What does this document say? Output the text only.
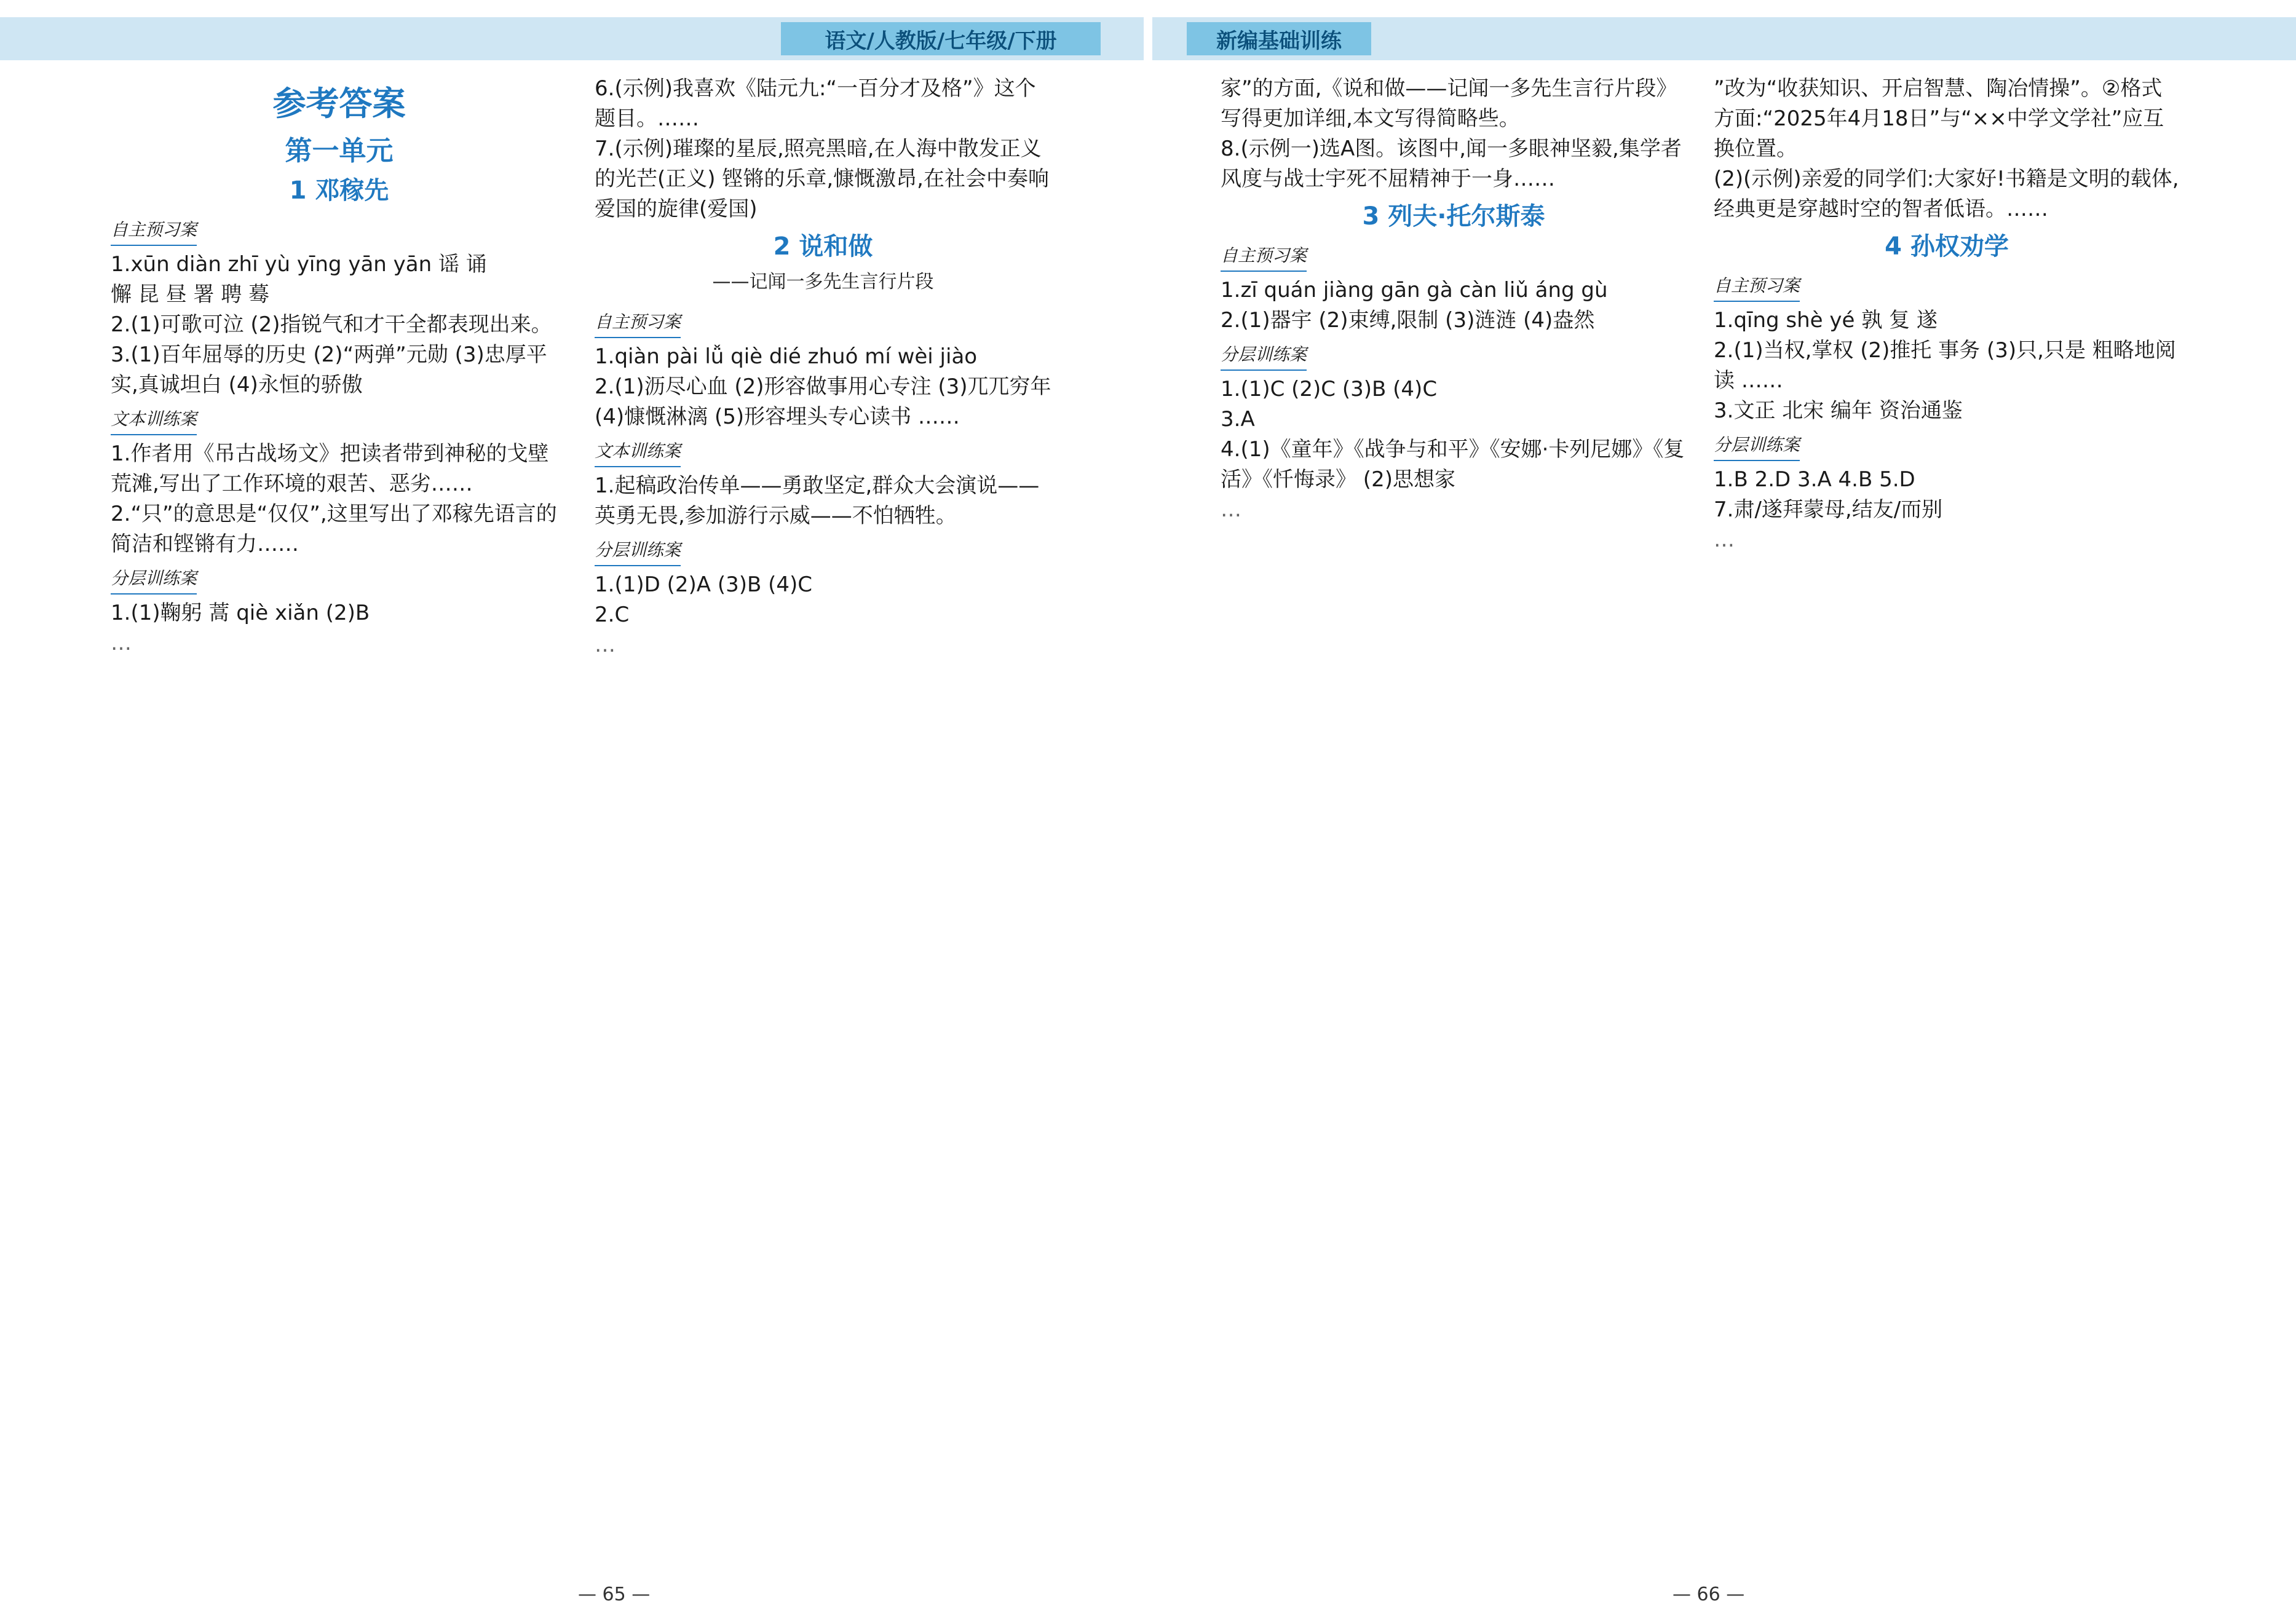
语文/人教版/七年级/下册	新编基础训练
参考答案
第一单元
1 邓稼先
自主预习案

1.xūn diàn zhī yù yīng yān yān 谣 诵

懈 昆 昼 署 聘 蓦

2.(1)可歌可泣 (2)指锐气和才干全都表现出来。

3.(1)百年屈辱的历史 (2)“两弹”元勋 (3)忠厚平实,真诚坦白 (4)永恒的骄傲

文本训练案

1.作者用《吊古战场文》把读者带到神秘的戈壁荒滩,写出了工作环境的艰苦、恶劣……

2.“只”的意思是“仅仅”,这里写出了邓稼先语言的简洁和铿锵有力……

分层训练案

1.(1)鞠躬 蒿 qiè xiǎn (2)B

…

6.(示例)我喜欢《陆元九:“一百分才及格”》这个题目。……

7.(示例)璀璨的星辰,照亮黑暗,在人海中散发正义的光芒(正义) 铿锵的乐章,慷慨激昂,在社会中奏响爱国的旋律(爱国)

2 说和做
——记闻一多先生言行片段
自主预习案

1.qiàn pài lǚ qiè dié zhuó mí wèi jiào

2.(1)沥尽心血 (2)形容做事用心专注 (3)兀兀穷年 (4)慷慨淋漓 (5)形容埋头专心读书 ……

文本训练案

1.起稿政治传单——勇敢坚定,群众大会演说——英勇无畏,参加游行示威——不怕牺牲。

分层训练案

1.(1)D (2)A (3)B (4)C

2.C

…

家”的方面,《说和做——记闻一多先生言行片段》写得更加详细,本文写得简略些。

8.(示例一)选A图。该图中,闻一多眼神坚毅,集学者风度与战士宇死不屈精神于一身……

3 列夫·托尔斯泰
自主预习案

1.zī quán jiàng gān gà càn liǔ áng gù

2.(1)器宇 (2)束缚,限制 (3)涟涟 (4)盎然

分层训练案

1.(1)C (2)C (3)B (4)C

3.A

4.(1)《童年》《战争与和平》《安娜·卡列尼娜》《复活》《忏悔录》 (2)思想家

…

”改为“收获知识、开启智慧、陶冶情操”。②格式方面:“2025年4月18日”与“××中学文学社”应互换位置。

(2)(示例)亲爱的同学们:大家好!书籍是文明的载体,经典更是穿越时空的智者低语。……

4 孙权劝学
自主预习案

1.qīng shè yé 孰 复 遂

2.(1)当权,掌权 (2)推托 事务 (3)只,只是 粗略地阅读 ……

3.文正 北宋 编年 资治通鉴

分层训练案

1.B 2.D 3.A 4.B 5.D

7.肃/遂拜蒙母,结友/而别

…

— 65 —	— 66 —
